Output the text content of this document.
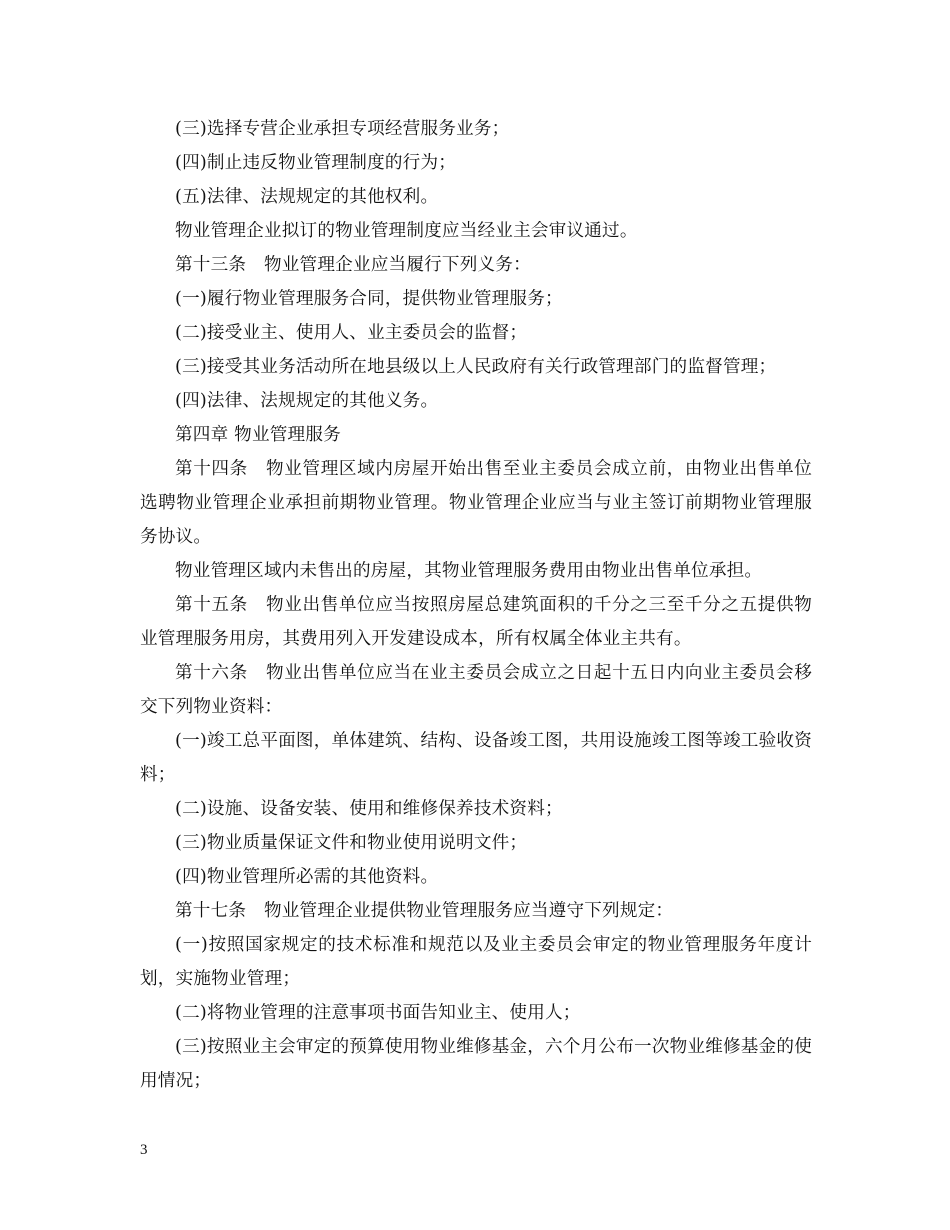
(三)选择专营企业承担专项经营服务业务；

(四)制止违反物业管理制度的行为；

(五)法律、法规规定的其他权利。

物业管理企业拟订的物业管理制度应当经业主会审议通过。

第十三条　物业管理企业应当履行下列义务：

(一)履行物业管理服务合同，提供物业管理服务；

(二)接受业主、使用人、业主委员会的监督；

(三)接受其业务活动所在地县级以上人民政府有关行政管理部门的监督管理；

(四)法律、法规规定的其他义务。

第四章 物业管理服务

第十四条　物业管理区域内房屋开始出售至业主委员会成立前，由物业出售单位选聘物业管理企业承担前期物业管理。物业管理企业应当与业主签订前期物业管理服务协议。

物业管理区域内未售出的房屋，其物业管理服务费用由物业出售单位承担。

第十五条　物业出售单位应当按照房屋总建筑面积的千分之三至千分之五提供物业管理服务用房，其费用列入开发建设成本，所有权属全体业主共有。

第十六条　物业出售单位应当在业主委员会成立之日起十五日内向业主委员会移交下列物业资料：

(一)竣工总平面图，单体建筑、结构、设备竣工图，共用设施竣工图等竣工验收资料；

(二)设施、设备安装、使用和维修保养技术资料；

(三)物业质量保证文件和物业使用说明文件；

(四)物业管理所必需的其他资料。

第十七条　物业管理企业提供物业管理服务应当遵守下列规定：

(一)按照国家规定的技术标准和规范以及业主委员会审定的物业管理服务年度计划，实施物业管理；

(二)将物业管理的注意事项书面告知业主、使用人；

(三)按照业主会审定的预算使用物业维修基金，六个月公布一次物业维修基金的使用情况；

3
